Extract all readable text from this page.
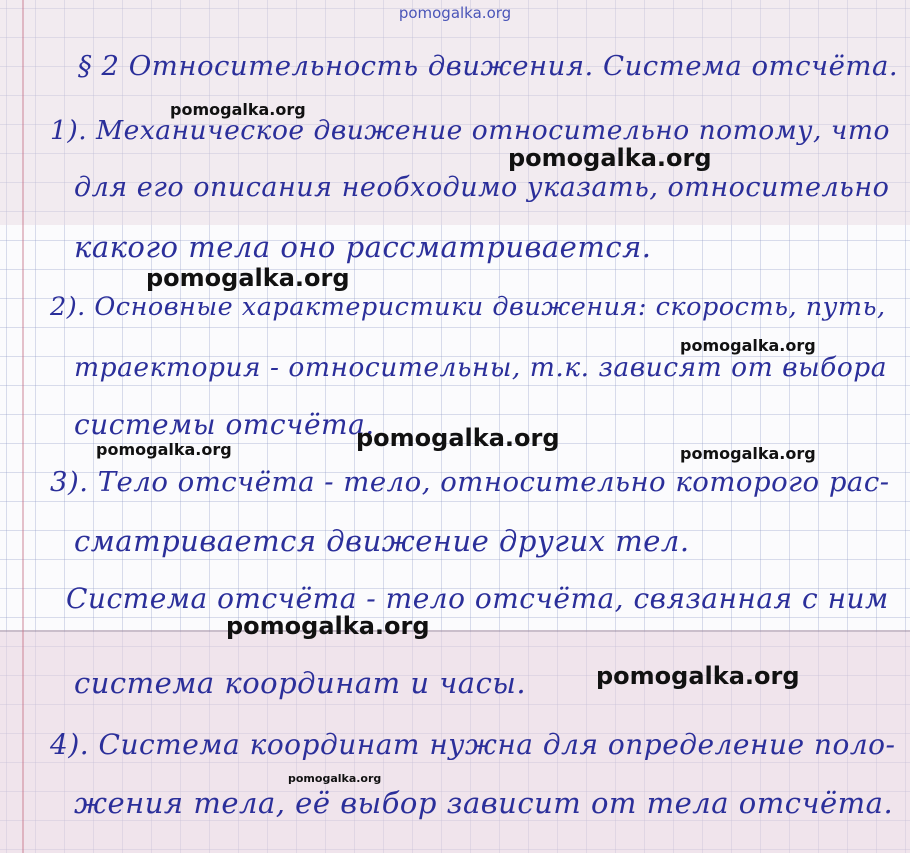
pomogalka.org
§ 2 Относительность движения. Система отсчёта.
1). Механическое движение относительно потому, что
для его описания необходимо указать, относительно
какого тела оно рассматривается.
2). Основные характеристики движения: скорость, путь,
траектория - относительны, т.к. зависят от выбора
системы отсчёта.
3). Тело отсчёта - тело, относительно которого рас-
сматривается движение других тел.
Система отсчёта - тело отсчёта, связанная с ним
система координат и часы.
4). Система координат нужна для определение поло-
жения тела, её выбор зависит от тела отсчёта.
pomogalka.org
pomogalka.org
pomogalka.org
pomogalka.org
pomogalka.org
pomogalka.org	pomogalka.org
pomogalka.org
pomogalka.org
pomogalka.org
